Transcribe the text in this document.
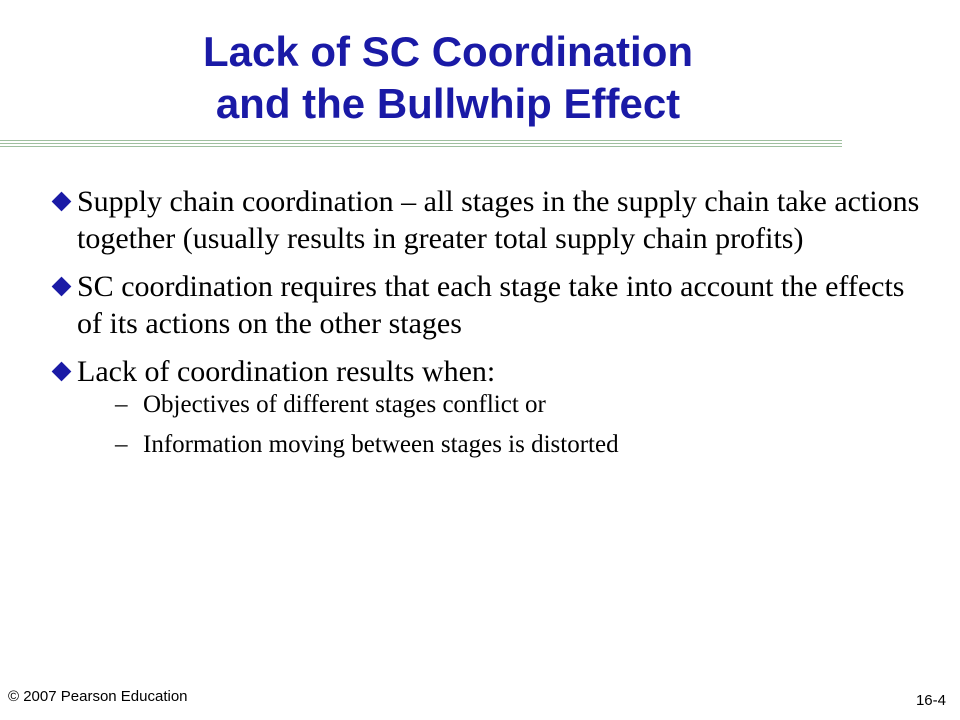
Lack of SC Coordination
and the Bullwhip Effect
Supply chain coordination – all stages in the supply chain take actions together (usually results in greater total supply chain profits)
SC coordination requires that each stage take into account the effects of its actions on the other stages
Lack of coordination results when:
– Objectives of different stages conflict or
– Information moving between stages is distorted
© 2007 Pearson Education	16-4
